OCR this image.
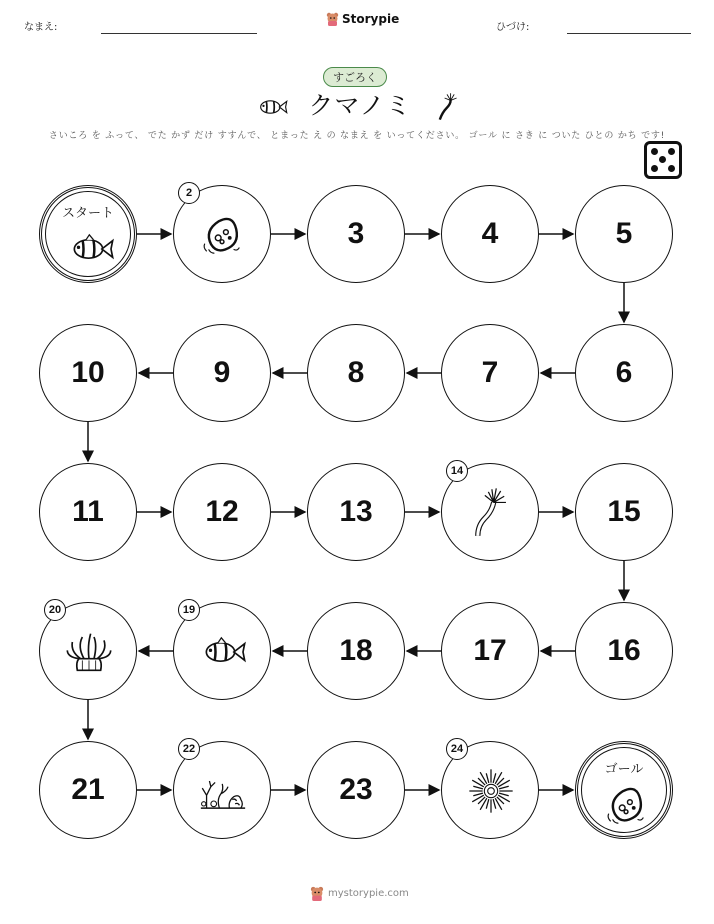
なまえ:
Storypie
ひづけ:
すごろく
クマノミ
さいころ を ふって、 でた かず だけ すすんで、 とまった え の なまえ を いってください。 ゴール に さき に ついた ひとの かち です!
スタート
2
3	4	5
6
7
8
9
10
11	12	13
14
15
16
17
18
19
20
21
22
23
24
ゴール
mystorypie.com
